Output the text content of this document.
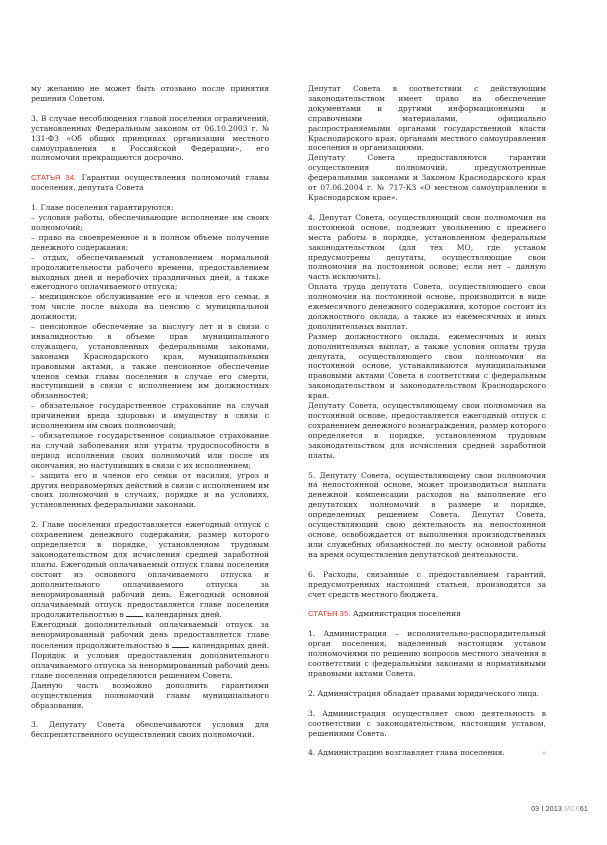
му желанию не может быть отозвано после принятия решения Советом.

3. В случае несоблюдения главой поселения ограничений, установленных Федеральным законом от 06.10.2003 г. № 131-ФЗ «Об общих принципах организации местного самоуправления в Российской Федерации», его полномочия прекращаются досрочно.

СТАТЬЯ 34. Гарантии осуществления полномочий главы поселения, депутата Совета

1. Главе поселения гарантируются:
– условия работы, обеспечивающие исполнение им своих полномочий;
– право на своевременное и в полном объеме получение денежного содержания;
– отдых, обеспечиваемый установлением нормальной продолжительности рабочего времени, предоставлением выходных дней и нерабочих праздничных дней, а также ежегодного оплачиваемого отпуска;
– медицинское обслуживание его и членов его семьи, в том числе после выхода на пенсию с муниципальной должности;
– пенсионное обеспечение за выслугу лет и в связи с инвалидностью в объеме прав муниципального служащего, установленных федеральными законами, законами Краснодарского края, муниципальными правовыми актами, а также пенсионное обеспечение членов семьи главы поселения в случае его смерти, наступившей в связи с исполнением им должностных обязанностей;
– обязательное государственное страхование на случай причинения вреда здоровью и имуществу в связи с исполнением им своих полномочий;
– обязательное государственное социальное страхование на случай заболевания или утраты трудоспособности в период исполнения своих полномочий или после их окончания, но наступивших в связи с их исполнением;
– защита его и членов его семьи от насилия, угроз и других неправомерных действий в связи с исполнением им своих полномочий в случаях, порядке и на условиях, установленных федеральными законами.
2. Главе поселения предоставляется ежегодный отпуск с сохранением денежного содержания, размер которого определяется в порядке, установленном трудовым законодательством для исчисления средней заработной платы. Ежегодный оплачиваемый отпуск главы поселения состоит из основного оплачиваемого отпуска и дополнительного оплачиваемого отпуска за ненормированный рабочий день. Ежегодный основной оплачиваемый отпуск предоставляется главе поселения продолжительностью в  календарных дней.
Ежегодный дополнительный оплачиваемый отпуск за ненормированный рабочий день предоставляется главе поселения продолжительностью в  календарных дней. Порядок и условия предоставления дополнительного оплачиваемого отпуска за ненормированный рабочий день главе поселения определяются решением Совета.
Данную часть возможно дополнить гарантиями осуществления полномочий главы муниципального образования.

3. Депутату Совета обеспечиваются условия для беспрепятственного осуществления своих полномочий.

Депутат Совета в соответствии с действующим законодательством имеет право на обеспечение документами и другими информационными и справочными материалами, официально распространяемыми органами государственной власти Краснодарского края, органами местного самоуправления поселения и организациями.
Депутату Совета предоставляются гарантии осуществления полномочий, предусмотренные федеральными законами и Законом Краснодарского края от 07.06.2004 г. № 717-КЗ «О местном самоуправлении в Краснодарском крае».
4. Депутат Совета, осуществляющий свои полномочия на постоянной основе, подлежит увольнению с прежнего места работы в порядке, установленном федеральным законодательством (для тех МО, где уставом предусмотрены депутаты, осуществляющие свои полномочия на постоянной основе; если нет – данную часть исключить).
Оплата труда депутата Совета, осуществляющего свои полномочия на постоянной основе, производится в виде ежемесячного денежного содержания, которое состоит из должностного оклада, а также из ежемесячных и иных дополнительных выплат.
Размер должностного оклада, ежемесячных и иных дополнительных выплат, а также условия оплаты труда депутата, осуществляющего свои полномочия на постоянной основе, устанавливаются муниципальными правовыми актами Совета в соответствии с федеральным законодательством и законодательством Краснодарского края.
Депутату Совета, осуществляющему свои полномочия на постоянной основе, предоставляется ежегодный отпуск с сохранением денежного вознаграждения, размер которого определяется в порядке, установленном трудовым законодательством для исчисления средней заработной платы.

5. Депутату Совета, осуществляющему свои полномочия на непостоянной основе, может производиться выплата денежной компенсации расходов на выполнение его депутатских полномочий в размере и порядке, определенных решением Совета. Депутат Совета, осуществляющий свою деятельность на непостоянной основе, освобождается от выполнения производственных или служебных обязанностей по месту основной работы на время осуществления депутатской деятельности.

6. Расходы, связанные с предоставлением гарантий, предусмотренных настоящей статьей, производятся за счет средств местного бюджета.

СТАТЬЯ 35. Администрация поселения

1. Администрация – исполнительно-распорядительный орган поселения, наделенный настоящим уставом полномочиями по решению вопросов местного значения в соответствии с федеральными законами и нормативными правовыми актами Совета.

2. Администрация обладает правами юридического лица.

3. Администрация осуществляет свою деятельность в соответствии с законодательством, настоящим уставом, решениями Совета.

4. Администрацию возглавляет глава поселения.	»

03 І 2013 МСК61
